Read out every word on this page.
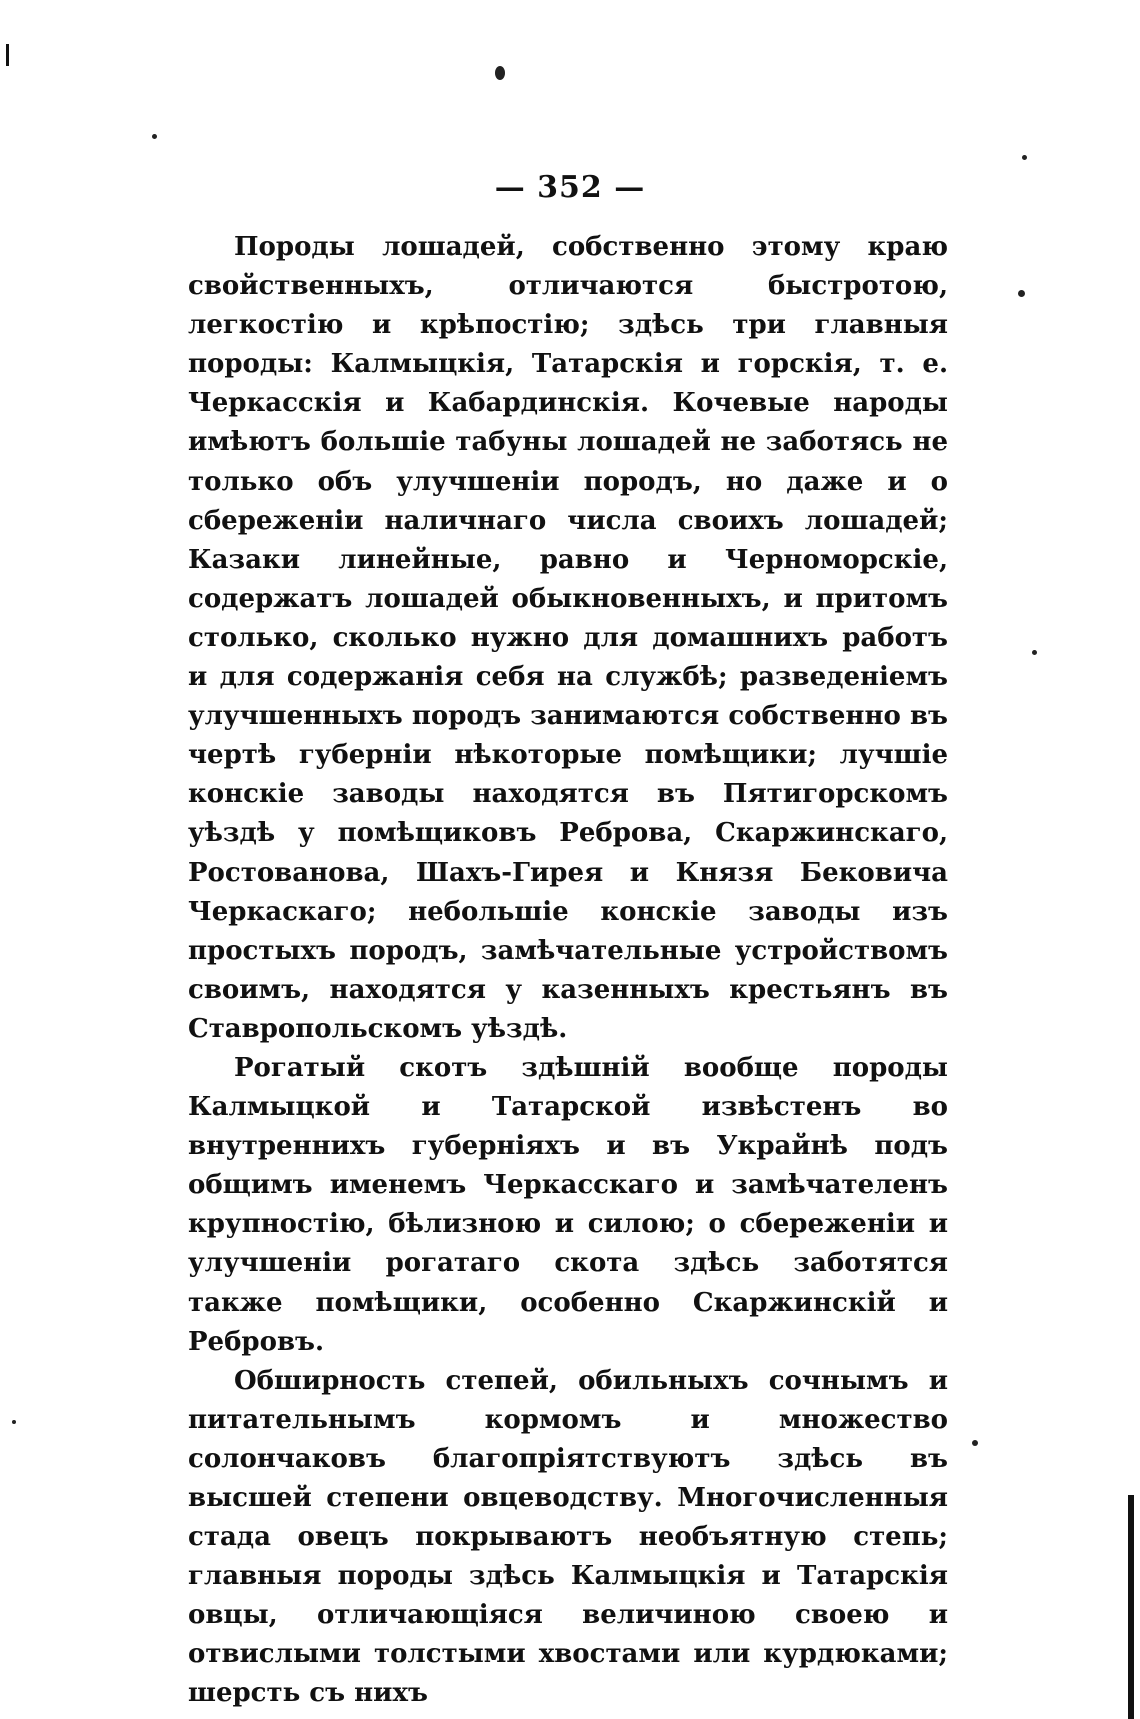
— 352 —

Породы лошадей, собственно этому краю свойственныхъ, отличаются быстротою, легкостію и крѣпостію; здѣсь три главныя породы: Калмыцкія, Татарскія и горскія, т. е. Черкасскія и Кабардинскія. Кочевые народы имѣютъ большіе табуны лошадей не заботясь не только объ улучшеніи породъ, но даже и о сбереженіи наличнаго числа своихъ лошадей; Казаки линейные, равно и Черноморскіе, содержатъ лошадей обыкновенныхъ, и притомъ столько, сколько нужно для домашнихъ работъ и для содержанія себя на службѣ; разведеніемъ улучшенныхъ породъ занимаются собственно въ чертѣ губерніи нѣкоторые помѣщики; лучшіе конскіе заводы находятся въ Пятигорскомъ уѣздѣ у помѣщиковъ Реброва, Скаржинскаго, Ростованова, Шахъ-Гирея и Князя Бековича Черкаскаго; небольшіе конскіе заводы изъ простыхъ породъ, замѣчательные устройствомъ своимъ, находятся у казенныхъ крестьянъ въ Ставропольскомъ уѣздѣ.

Рогатый скотъ здѣшній вообще породы Калмыцкой и Татарской извѣстенъ во внутреннихъ губерніяхъ и въ Украйнѣ подъ общимъ именемъ Черкасскаго и замѣчателенъ крупностію, бѣлизною и силою; о сбереженіи и улучшеніи рогатаго скота здѣсь заботятся также помѣщики, особенно Скаржинскій и Ребровъ.

Обширность степей, обильныхъ сочнымъ и питательнымъ кормомъ и множество солончаковъ благопріятствуютъ здѣсь въ высшей степени овцеводству. Многочисленныя стада овецъ покрываютъ необъятную степь; главныя породы здѣсь Калмыцкія и Татарскія овцы, отличающіяся величиною своею и отвислыми толстыми хвостами или курдюками; шерсть съ нихъ
